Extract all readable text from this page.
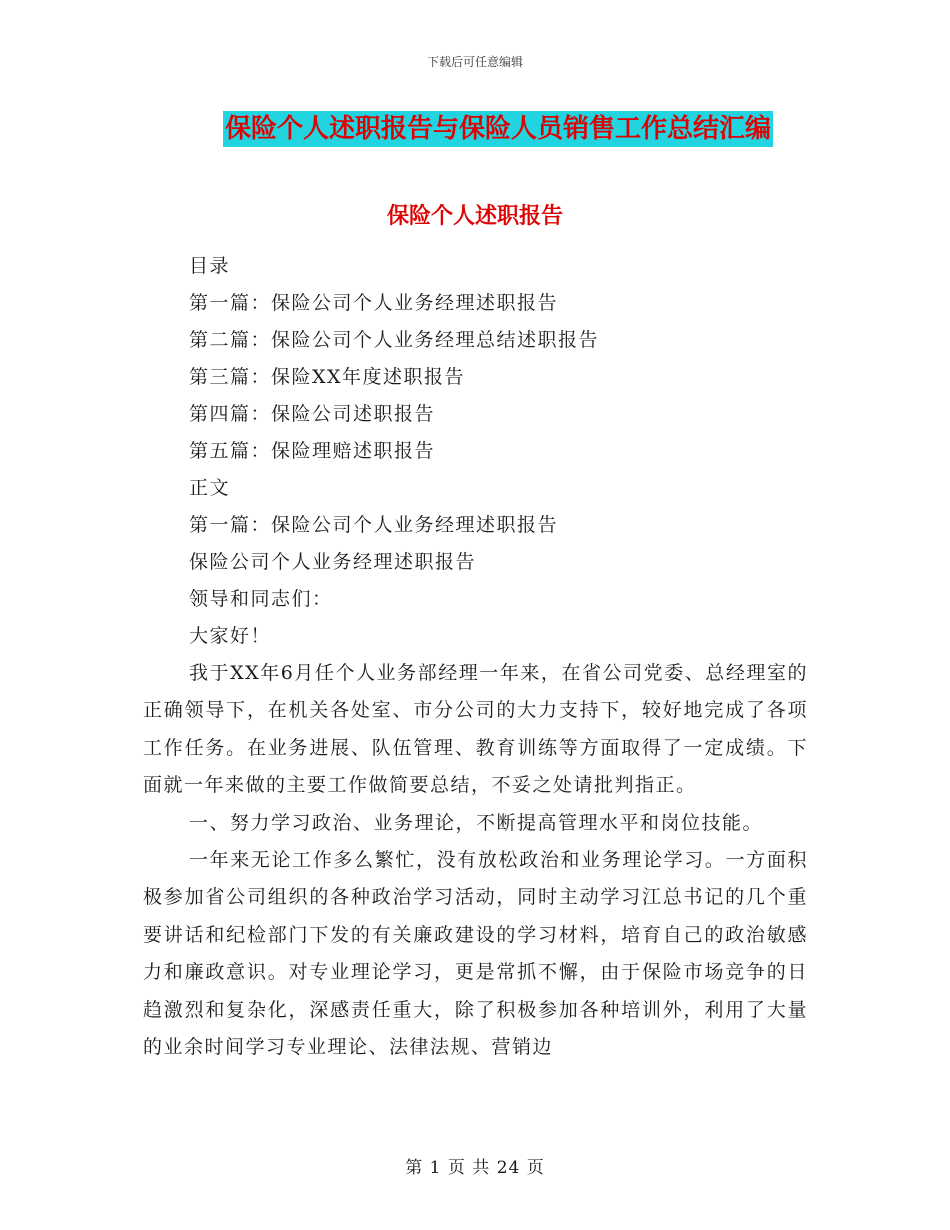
下载后可任意编辑
保险个人述职报告与保险人员销售工作总结汇编
保险个人述职报告
目录
第一篇：保险公司个人业务经理述职报告
第二篇：保险公司个人业务经理总结述职报告
第三篇：保险XX年度述职报告
第四篇：保险公司述职报告
第五篇：保险理赔述职报告
正文
第一篇：保险公司个人业务经理述职报告
保险公司个人业务经理述职报告
领导和同志们：
大家好！

我于XX年6月任个人业务部经理一年来，在省公司党委、总经理室的正确领导下，在机关各处室、市分公司的大力支持下，较好地完成了各项工作任务。在业务进展、队伍管理、教育训练等方面取得了一定成绩。下面就一年来做的主要工作做简要总结，不妥之处请批判指正。

一、努力学习政治、业务理论，不断提高管理水平和岗位技能。

一年来无论工作多么繁忙，没有放松政治和业务理论学习。一方面积极参加省公司组织的各种政治学习活动，同时主动学习江总书记的几个重要讲话和纪检部门下发的有关廉政建设的学习材料，培育自己的政治敏感力和廉政意识。对专业理论学习，更是常抓不懈，由于保险市场竞争的日趋激烈和复杂化，深感责任重大，除了积极参加各种培训外，利用了大量的业余时间学习专业理论、法律法规、营销边

第 1 页 共 24 页
